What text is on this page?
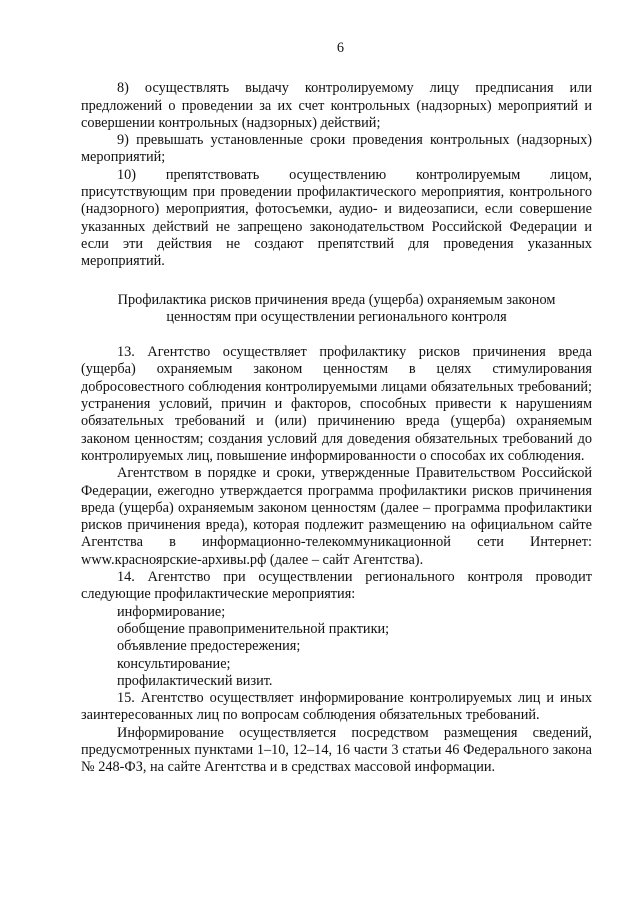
6

8) осуществлять выдачу контролируемому лицу предписания или предложений о проведении за их счет контрольных (надзорных) мероприятий и совершении контрольных (надзорных) действий;

9) превышать установленные сроки проведения контрольных (надзорных) мероприятий;

10) препятствовать осуществлению контролируемым лицом, присутствующим при проведении профилактического мероприятия, контрольного (надзорного) мероприятия, фотосъемки, аудио- и видеозаписи, если совершение указанных действий не запрещено законодательством Российской Федерации и если эти действия не создают препятствий для проведения указанных мероприятий.

Профилактика рисков причинения вреда (ущерба) охраняемым законом ценностям при осуществлении регионального контроля

13. Агентство осуществляет профилактику рисков причинения вреда (ущерба) охраняемым законом ценностям в целях стимулирования добросовестного соблюдения контролируемыми лицами обязательных требований; устранения условий, причин и факторов, способных привести к нарушениям обязательных требований и (или) причинению вреда (ущерба) охраняемым законом ценностям; создания условий для доведения обязательных требований до контролируемых лиц, повышение информированности о способах их соблюдения.

Агентством в порядке и сроки, утвержденные Правительством Российской Федерации, ежегодно утверждается программа профилактики рисков причинения вреда (ущерба) охраняемым законом ценностям (далее – программа профилактики рисков причинения вреда), которая подлежит размещению на официальном сайте Агентства в информационно-телекоммуникационной сети Интернет: www.красноярские-архивы.рф (далее – сайт Агентства).

14. Агентство при осуществлении регионального контроля проводит следующие профилактические мероприятия:

информирование;

обобщение правоприменительной практики;

объявление предостережения;

консультирование;

профилактический визит.

15. Агентство осуществляет информирование контролируемых лиц и иных заинтересованных лиц по вопросам соблюдения обязательных требований.

Информирование осуществляется посредством размещения сведений, предусмотренных пунктами 1–10, 12–14, 16 части 3 статьи 46 Федерального закона № 248-ФЗ, на сайте Агентства и в средствах массовой информации.
